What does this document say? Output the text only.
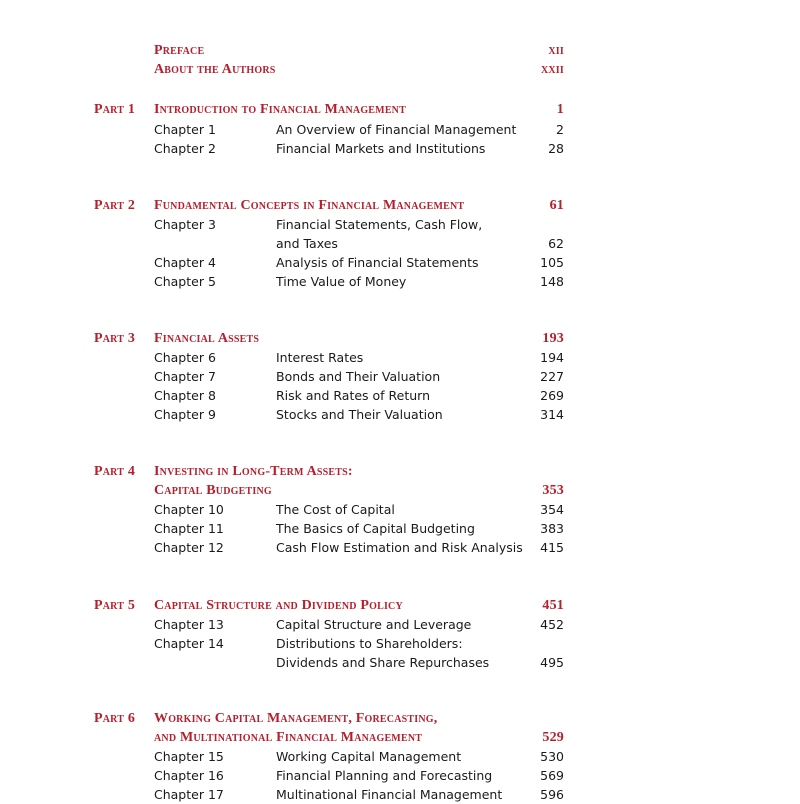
Preface	xii
About the Authors	xxii
Part 1 Introduction to Financial Management	1
Chapter 1	An Overview of Financial Management	2
Chapter 2	Financial Markets and Institutions	28
Part 2 Fundamental Concepts in Financial Management	61
Chapter 3	Financial Statements, Cash Flow,
and Taxes	62
Chapter 4	Analysis of Financial Statements	105
Chapter 5	Time Value of Money	148
Part 3 Financial Assets	193
Chapter 6	Interest Rates	194
Chapter 7	Bonds and Their Valuation	227
Chapter 8	Risk and Rates of Return	269
Chapter 9	Stocks and Their Valuation	314
Part 4 Investing in Long-Term Assets:
Capital Budgeting	353
Chapter 10	The Cost of Capital	354
Chapter 11	The Basics of Capital Budgeting	383
Chapter 12	Cash Flow Estimation and Risk Analysis 415
Part 5 Capital Structure and Dividend Policy	451
Chapter 13	Capital Structure and Leverage	452
Chapter 14	Distributions to Shareholders:
Dividends and Share Repurchases	495
Part 6 Working Capital Management, Forecasting,
and Multinational Financial Management	529
Chapter 15	Working Capital Management	530
Chapter 16	Financial Planning and Forecasting	569
Chapter 17	Multinational Financial Management	596
